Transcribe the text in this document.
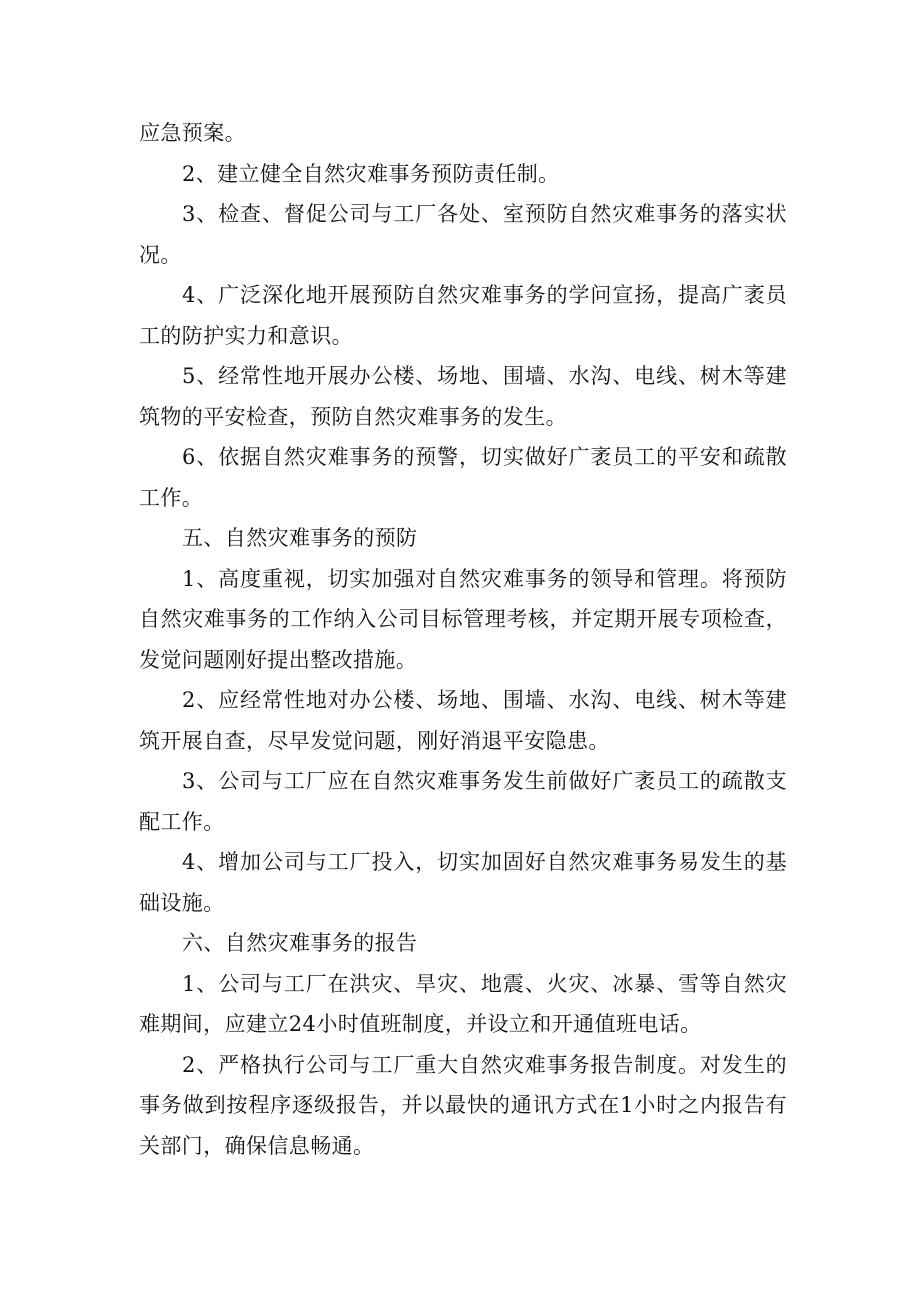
应急预案。

2、建立健全自然灾难事务预防责任制。

3、检查、督促公司与工厂各处、室预防自然灾难事务的落实状况。

4、广泛深化地开展预防自然灾难事务的学问宣扬，提高广袤员工的防护实力和意识。

5、经常性地开展办公楼、场地、围墙、水沟、电线、树木等建筑物的平安检查，预防自然灾难事务的发生。

6、依据自然灾难事务的预警，切实做好广袤员工的平安和疏散工作。

五、自然灾难事务的预防

1、高度重视，切实加强对自然灾难事务的领导和管理。将预防自然灾难事务的工作纳入公司目标管理考核，并定期开展专项检查，发觉问题刚好提出整改措施。

2、应经常性地对办公楼、场地、围墙、水沟、电线、树木等建筑开展自查，尽早发觉问题，刚好消退平安隐患。

3、公司与工厂应在自然灾难事务发生前做好广袤员工的疏散支配工作。

4、增加公司与工厂投入，切实加固好自然灾难事务易发生的基础设施。

六、自然灾难事务的报告

1、公司与工厂在洪灾、旱灾、地震、火灾、冰暴、雪等自然灾难期间，应建立24小时值班制度，并设立和开通值班电话。

2、严格执行公司与工厂重大自然灾难事务报告制度。对发生的事务做到按程序逐级报告，并以最快的通讯方式在1小时之内报告有关部门，确保信息畅通。
